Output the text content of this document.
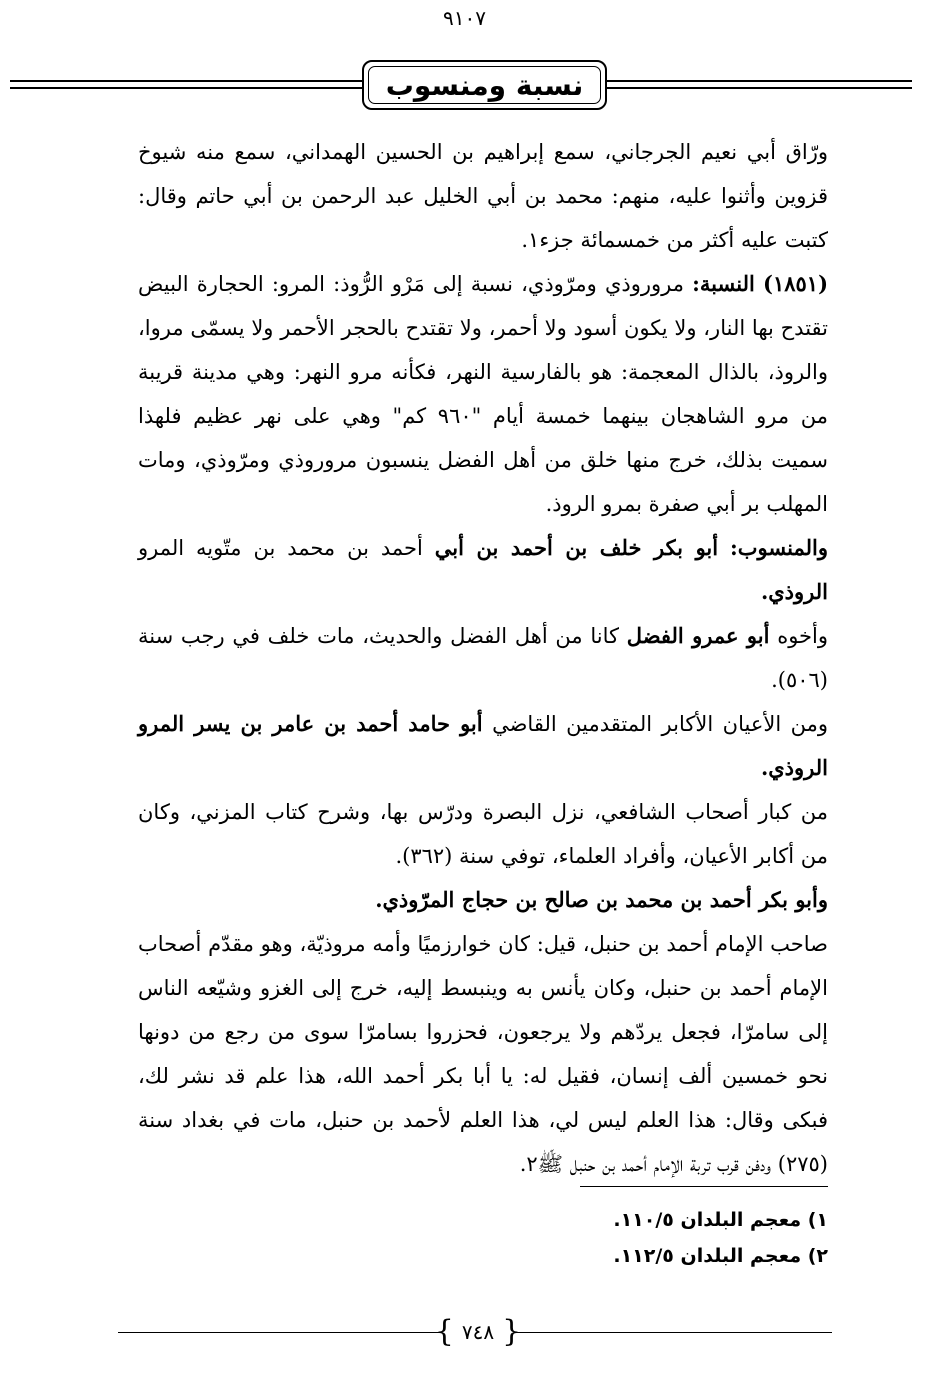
٩١٠٧
نسبة ومنسوب

ورّاق أبي نعيم الجرجاني، سمع إبراهيم بن الحسين الهمداني، سمع منه شيوخ قزوين وأثنوا عليه، منهم: محمد بن أبي الخليل عبد الرحمن بن أبي حاتم وقال: كتبت عليه أكثر من خمسمائة جزء١.

(١٨٥١) النسبة: مروروذي ومرّوذي، نسبة إلى مَرْو الرُّوذ: المرو: الحجارة البيض تقتدح بها النار، ولا يكون أسود ولا أحمر، ولا تقتدح بالحجر الأحمر ولا يسمّى مروا، والروذ، بالذال المعجمة: هو بالفارسية النهر، فكأنه مرو النهر: وهي مدينة قريبة من مرو الشاهجان بينهما خمسة أيام "٩٦٠ كم" وهي على نهر عظيم فلهذا سميت بذلك، خرج منها خلق من أهل الفضل ينسبون مروروذي ومرّوذي، ومات المهلب بر أبي صفرة بمرو الروذ.

والمنسوب: أبو بكر خلف بن أحمد بن أبي أحمد بن محمد بن متّويه المرو الروذي.

وأخوه أبو عمرو الفضل كانا من أهل الفضل والحديث، مات خلف في رجب سنة (٥٠٦).

ومن الأعيان الأكابر المتقدمين القاضي أبو حامد أحمد بن عامر بن يسر المرو الروذي.

من كبار أصحاب الشافعي، نزل البصرة ودرّس بها، وشرح كتاب المزني، وكان من أكابر الأعيان، وأفراد العلماء، توفي سنة (٣٦٢).

وأبو بكر أحمد بن محمد بن صالح بن حجاج المرّوذي.

صاحب الإمام أحمد بن حنبل، قيل: كان خوارزميًا وأمه مروذيّة، وهو مقدّم أصحاب الإمام أحمد بن حنبل، وكان يأنس به وينبسط إليه، خرج إلى الغزو وشيّعه الناس إلى سامرّا، فجعل يردّهم ولا يرجعون، فحزروا بسامرّا سوى من رجع من دونها نحو خمسين ألف إنسان، فقيل له: يا أبا بكر أحمد الله، هذا علم قد نشر لك، فبكى وقال: هذا العلم ليس لي، هذا العلم لأحمد بن حنبل، مات في بغداد سنة (٢٧٥) ودفن قرب تربة الإمام أحمد بن حنبل ﷺ٢.

١) معجم البلدان ١١٠/٥.

٢) معجم البلدان ١١٢/٥.

{ ٧٤٨ }
